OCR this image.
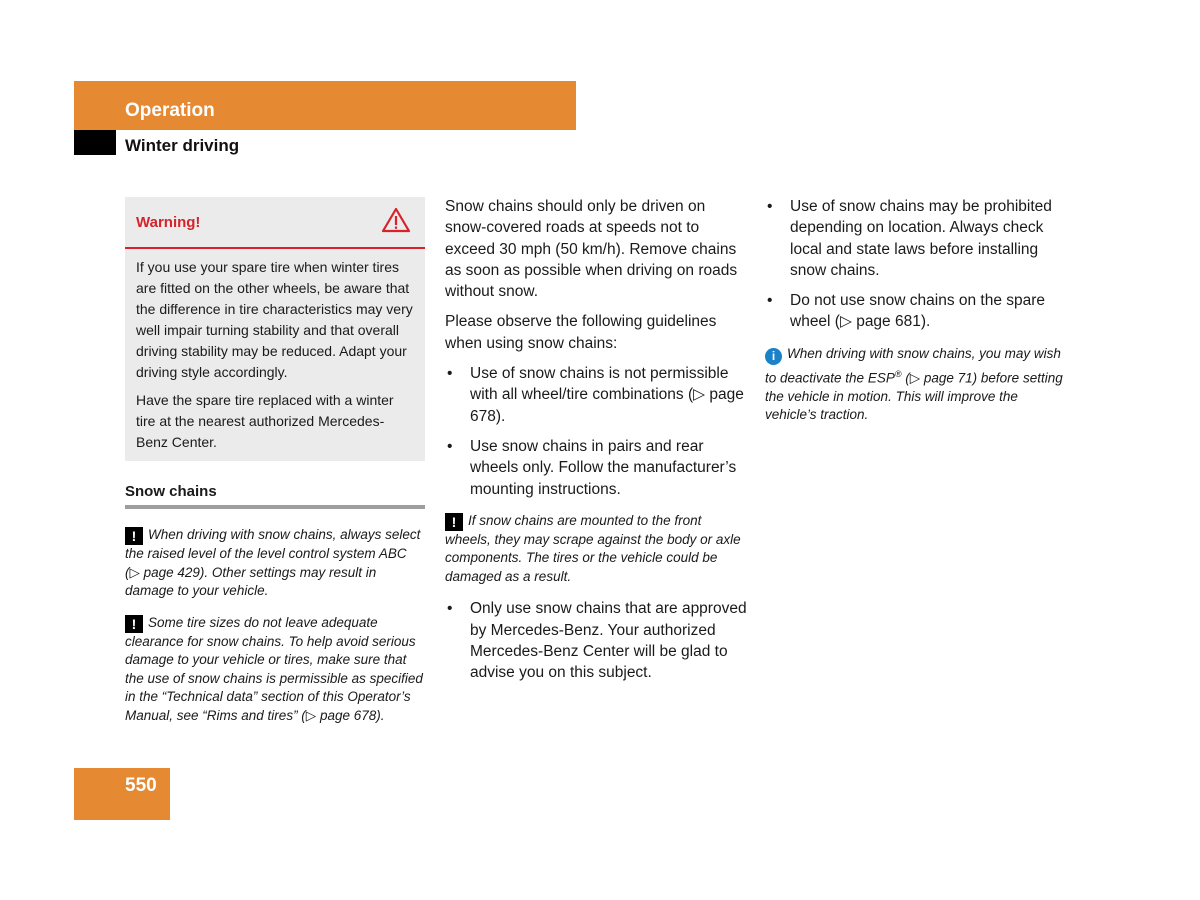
Operation
Winter driving
Warning!

If you use your spare tire when winter tires are fitted on the other wheels, be aware that the difference in tire characteristics may very well impair turning stability and that overall driving stability may be reduced. Adapt your driving style accordingly.

Have the spare tire replaced with a winter tire at the nearest authorized Mercedes-Benz Center.

Snow chains

! When driving with snow chains, always select the raised level of the level control system ABC (▷ page 429). Other settings may result in damage to your vehicle.

! Some tire sizes do not leave adequate clearance for snow chains. To help avoid serious damage to your vehicle or tires, make sure that the use of snow chains is permissible as specified in the “Technical data” section of this Operator’s Manual, see “Rims and tires” (▷ page 678).

Snow chains should only be driven on snow-covered roads at speeds not to exceed 30 mph (50 km/h). Remove chains as soon as possible when driving on roads without snow.

Please observe the following guidelines when using snow chains:

• Use of snow chains is not permissible with all wheel/tire combinations (▷ page 678).
• Use snow chains in pairs and rear wheels only. Follow the manufacturer’s mounting instructions.

! If snow chains are mounted to the front wheels, they may scrape against the body or axle components. The tires or the vehicle could be damaged as a result.

• Only use snow chains that are approved by Mercedes-Benz. Your authorized Mercedes-Benz Center will be glad to advise you on this subject.
• Use of snow chains may be prohibited depending on location. Always check local and state laws before installing snow chains.
• Do not use snow chains on the spare wheel (▷ page 681).

i When driving with snow chains, you may wish to deactivate the ESP® (▷ page 71) before setting the vehicle in motion. This will improve the vehicle’s traction.

550
